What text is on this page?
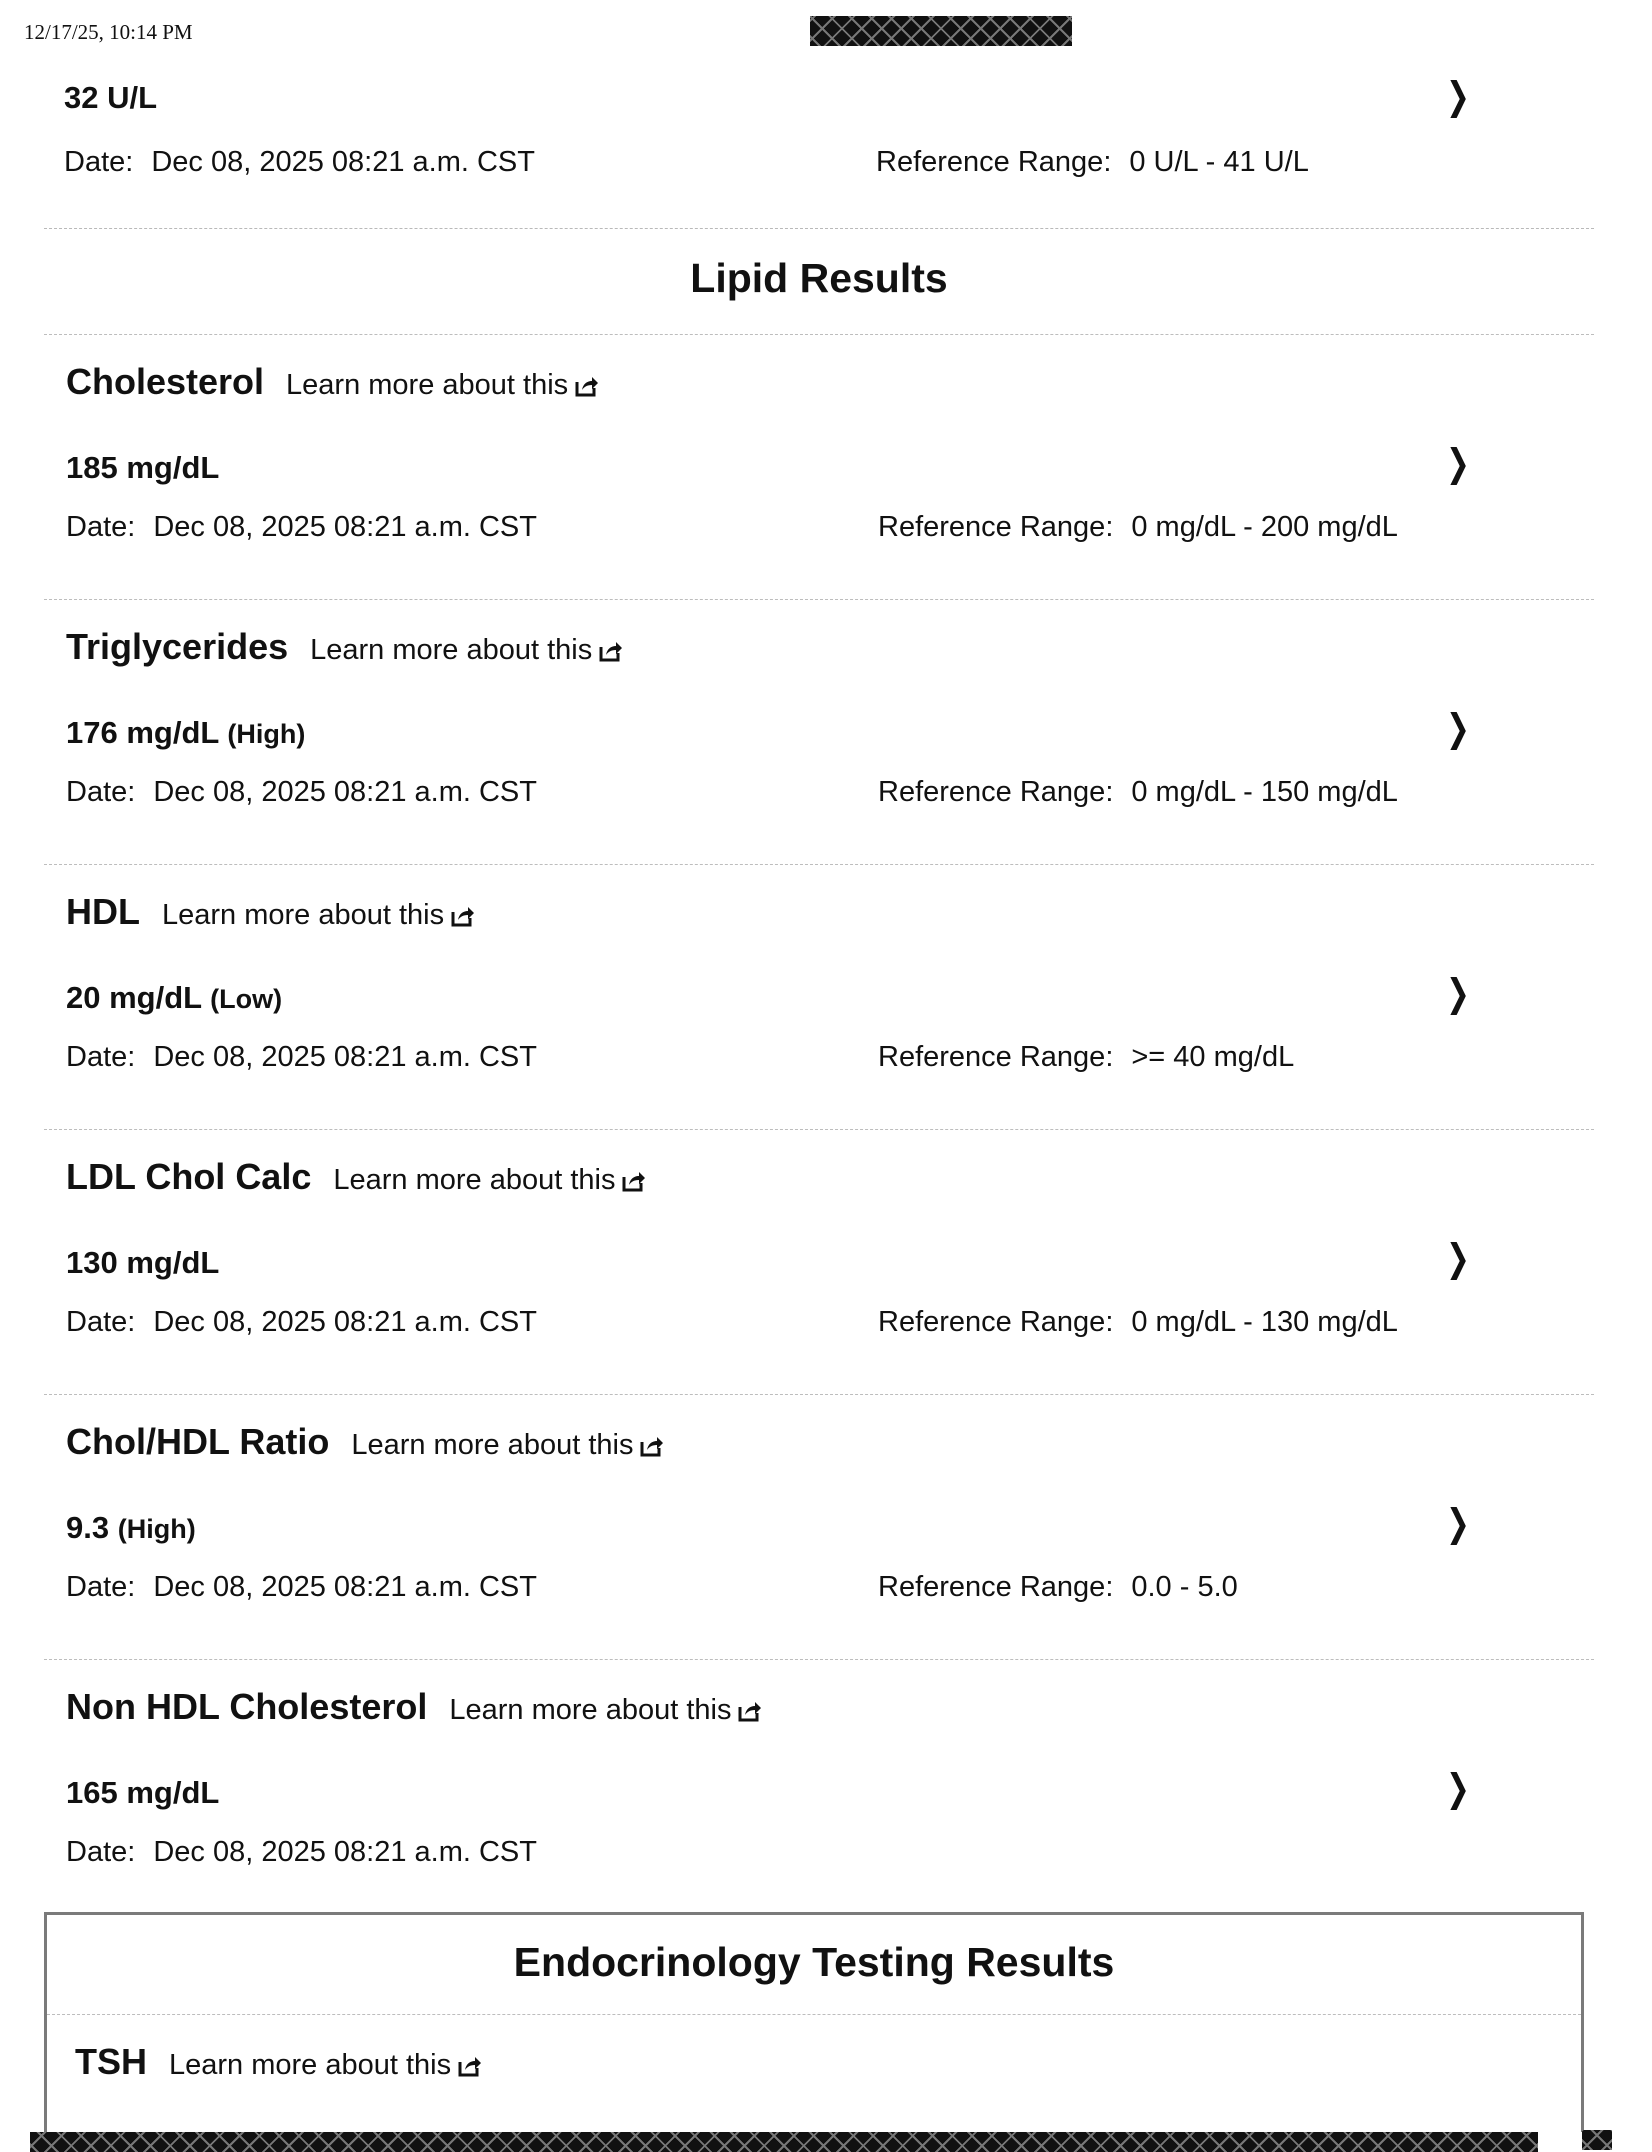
12/17/25, 10:14 PM
32 U/L	❯
Date: Dec 08, 2025 08:21 a.m. CST	Reference Range: 0 U/L - 41 U/L
Lipid Results
Cholesterol Learn more about this
185 mg/dL	❯
Date: Dec 08, 2025 08:21 a.m. CST	Reference Range: 0 mg/dL - 200 mg/dL
Triglycerides Learn more about this
176 mg/dL (High)	❯
Date: Dec 08, 2025 08:21 a.m. CST	Reference Range: 0 mg/dL - 150 mg/dL
HDL Learn more about this
20 mg/dL (Low)	❯
Date: Dec 08, 2025 08:21 a.m. CST	Reference Range: >= 40 mg/dL
LDL Chol Calc Learn more about this
130 mg/dL	❯
Date: Dec 08, 2025 08:21 a.m. CST	Reference Range: 0 mg/dL - 130 mg/dL
Chol/HDL Ratio Learn more about this
9.3 (High)	❯
Date: Dec 08, 2025 08:21 a.m. CST	Reference Range: 0.0 - 5.0
Non HDL Cholesterol Learn more about this
165 mg/dL	❯
Date: Dec 08, 2025 08:21 a.m. CST
Endocrinology Testing Results
TSH Learn more about this
